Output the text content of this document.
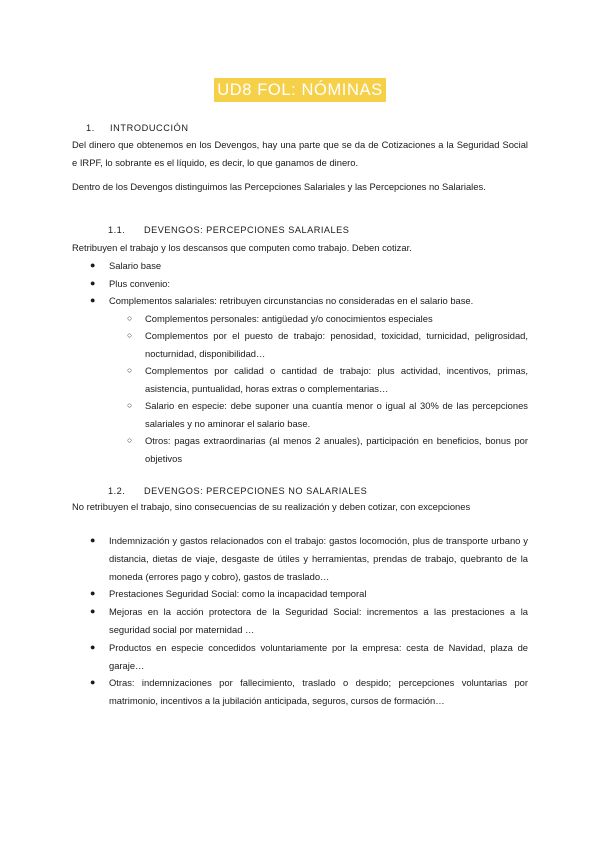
UD8 FOL: NÓMINAS
1. INTRODUCCIÓN
Del dinero que obtenemos en los Devengos, hay una parte que se da de Cotizaciones a la Seguridad Social e IRPF, lo sobrante es el líquido, es decir, lo que ganamos de dinero.
Dentro de los Devengos distinguimos las Percepciones Salariales y las Percepciones no Salariales.
1.1. DEVENGOS: PERCEPCIONES SALARIALES
Retribuyen el trabajo y los descansos que computen como trabajo. Deben cotizar.
● Salario base
● Plus convenio:
● Complementos salariales: retribuyen circunstancias no consideradas en el salario base.
○ Complementos personales: antigüedad y/o conocimientos especiales
○ Complementos por el puesto de trabajo: penosidad, toxicidad, turnicidad, peligrosidad, nocturnidad, disponibilidad…
○ Complementos por calidad o cantidad de trabajo: plus actividad, incentivos, primas, asistencia, puntualidad, horas extras o complementarias…
○ Salario en especie: debe suponer una cuantía menor o igual al 30% de las percepciones salariales y no aminorar el salario base.
○ Otros: pagas extraordinarias (al menos 2 anuales), participación en beneficios, bonus por objetivos
1.2. DEVENGOS: PERCEPCIONES NO SALARIALES
No retribuyen el trabajo, sino consecuencias de su realización y deben cotizar, con excepciones
● Indemnización y gastos relacionados con el trabajo: gastos locomoción, plus de transporte urbano y distancia, dietas de viaje, desgaste de útiles y herramientas, prendas de trabajo, quebranto de la moneda (errores pago y cobro), gastos de traslado…
● Prestaciones Seguridad Social: como la incapacidad temporal
● Mejoras en la acción protectora de la Seguridad Social: incrementos a las prestaciones a la seguridad social por maternidad …
● Productos en especie concedidos voluntariamente por la empresa: cesta de Navidad, plaza de garaje…
● Otras: indemnizaciones por fallecimiento, traslado o despido; percepciones voluntarias por matrimonio, incentivos a la jubilación anticipada, seguros, cursos de formación…
